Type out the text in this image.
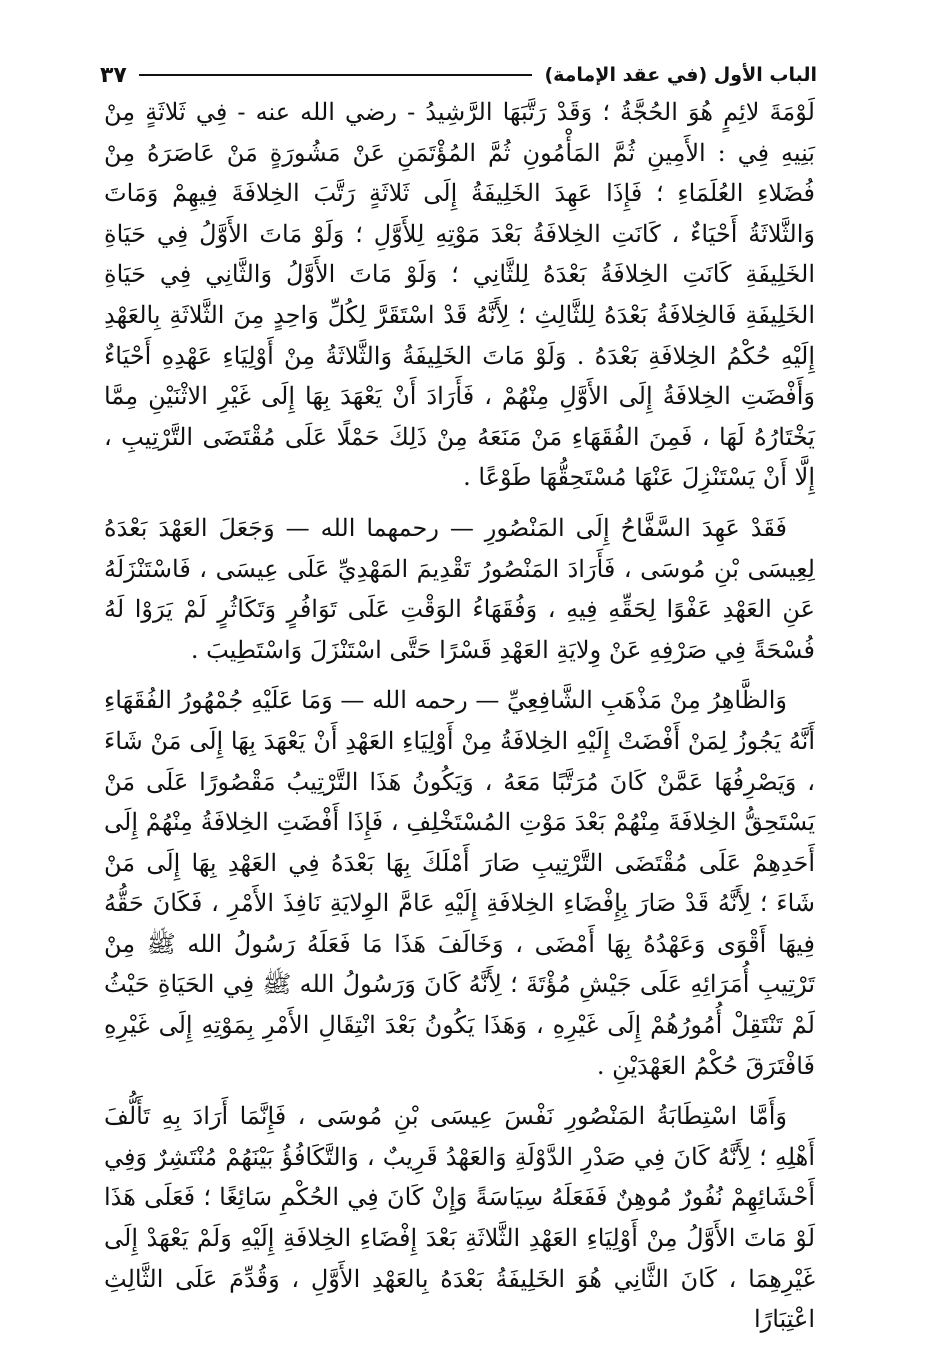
الباب الأول (في عقد الإمامة)
٣٧

لَوْمَةَ لائِمٍ هُوَ الحُجَّةُ ؛ وَقَدْ رَتَّبَهَا الرَّشِيدُ - رضي الله عنه - فِي ثَلاثَةٍ مِنْ بَنِيهِ فِي : الأَمِينِ ثُمَّ المَأْمُونِ ثُمَّ المُؤْتَمَنِ عَنْ مَشُورَةٍ مَنْ عَاصَرَهُ مِنْ فُضَلاءِ العُلَمَاءِ ؛ فَإِذَا عَهِدَ الخَلِيفَةُ إِلَى ثَلاثَةٍ رَتَّبَ الخِلافَةَ فِيهِمْ وَمَاتَ وَالثَّلاثَةُ أَحْيَاءٌ ، كَانَتِ الخِلافَةُ بَعْدَ مَوْتِهِ لِلأَوَّلِ ؛ وَلَوْ مَاتَ الأَوَّلُ فِي حَيَاةِ الخَلِيفَةِ كَانَتِ الخِلافَةُ بَعْدَهُ لِلثَّانِي ؛ وَلَوْ مَاتَ الأَوَّلُ وَالثَّانِي فِي حَيَاةِ الخَلِيفَةِ فَالخِلافَةُ بَعْدَهُ لِلثَّالِثِ ؛ لِأَنَّهُ قَدْ اسْتَقَرَّ لِكُلِّ وَاحِدٍ مِنَ الثَّلاثَةِ بِالعَهْدِ إِلَيْهِ حُكْمُ الخِلافَةِ بَعْدَهُ . وَلَوْ مَاتَ الخَلِيفَةُ وَالثَّلاثَةُ مِنْ أَوْلِيَاءِ عَهْدِهِ أَحْيَاءٌ وَأَفْضَتِ الخِلافَةُ إِلَى الأَوَّلِ مِنْهُمْ ، فَأَرَادَ أَنْ يَعْهَدَ بِهَا إِلَى غَيْرِ الاثْنَيْنِ مِمَّا يَخْتَارُهُ لَهَا ، فَمِنَ الفُقَهَاءِ مَنْ مَنَعَهُ مِنْ ذَلِكَ حَمْلًا عَلَى مُقْتَضَى التَّرْتِيبِ ، إِلَّا أَنْ يَسْتَنْزِلَ عَنْهَا مُسْتَحِقُّهَا طَوْعًا .

فَقَدْ عَهِدَ السَّفَّاحُ إِلَى المَنْصُورِ — رحمهما الله — وَجَعَلَ العَهْدَ بَعْدَهُ لِعِيسَى بْنِ مُوسَى ، فَأَرَادَ المَنْصُورُ تَقْدِيمَ المَهْدِيِّ عَلَى عِيسَى ، فَاسْتَنْزَلَهُ عَنِ العَهْدِ عَفْوًا لِحَقِّهِ فِيهِ ، وَفُقَهَاءُ الوَقْتِ عَلَى تَوَافُرٍ وَتَكَاثُرٍ لَمْ يَرَوْا لَهُ فُسْحَةً فِي صَرْفِهِ عَنْ وِلايَةِ العَهْدِ قَسْرًا حَتَّى اسْتَنْزَلَ وَاسْتَطِيبَ .

وَالظَّاهِرُ مِنْ مَذْهَبِ الشَّافِعِيِّ — رحمه الله — وَمَا عَلَيْهِ جُمْهُورُ الفُقَهَاءِ أَنَّهُ يَجُوزُ لِمَنْ أَفْضَتْ إِلَيْهِ الخِلافَةُ مِنْ أَوْلِيَاءِ العَهْدِ أَنْ يَعْهَدَ بِهَا إِلَى مَنْ شَاءَ ، وَيَصْرِفُهَا عَمَّنْ كَانَ مُرَتَّبًا مَعَهُ ، وَيَكُونُ هَذَا التَّرْتِيبُ مَقْصُورًا عَلَى مَنْ يَسْتَحِقُّ الخِلافَةَ مِنْهُمْ بَعْدَ مَوْتِ المُسْتَخْلِفِ ، فَإِذَا أَفْضَتِ الخِلافَةُ مِنْهُمْ إِلَى أَحَدِهِمْ عَلَى مُقْتَضَى التَّرْتِيبِ صَارَ أَمْلَكَ بِهَا بَعْدَهُ فِي العَهْدِ بِهَا إِلَى مَنْ شَاءَ ؛ لِأَنَّهُ قَدْ صَارَ بِإِفْضَاءِ الخِلافَةِ إِلَيْهِ عَامَّ الوِلايَةِ نَافِذَ الأَمْرِ ، فَكَانَ حَقُّهُ فِيهَا أَقْوَى وَعَهْدُهُ بِهَا أَمْضَى ، وَخَالَفَ هَذَا مَا فَعَلَهُ رَسُولُ الله ﷺ مِنْ تَرْتِيبِ أُمَرَائِهِ عَلَى جَيْشِ مُؤْتَةَ ؛ لِأَنَّهُ كَانَ وَرَسُولُ الله ﷺ فِي الحَيَاةِ حَيْثُ لَمْ تَنْتَقِلْ أُمُورُهُمْ إِلَى غَيْرِهِ ، وَهَذَا يَكُونُ بَعْدَ انْتِقَالِ الأَمْرِ بِمَوْتِهِ إِلَى غَيْرِهِ فَافْتَرَقَ حُكْمُ العَهْدَيْنِ .

وَأَمَّا اسْتِطَابَةُ المَنْصُورِ نَفْسَ عِيسَى بْنِ مُوسَى ، فَإِنَّمَا أَرَادَ بِهِ تَأَلُّفَ أَهْلِهِ ؛ لِأَنَّهُ كَانَ فِي صَدْرِ الدَّوْلَةِ وَالعَهْدُ قَرِيبٌ ، وَالتَّكَافُؤُ بَيْنَهُمْ مُنْتَشِرٌ وَفِي أَحْشَائِهِمْ نُفُورٌ مُوهِنٌ فَفَعَلَهُ سِيَاسَةً وَإِنْ كَانَ فِي الحُكْمِ سَائِغًا ؛ فَعَلَى هَذَا لَوْ مَاتَ الأَوَّلُ مِنْ أَوْلِيَاءِ العَهْدِ الثَّلاثَةِ بَعْدَ إِفْضَاءِ الخِلافَةِ إِلَيْهِ وَلَمْ يَعْهَدْ إِلَى غَيْرِهِمَا ، كَانَ الثَّانِي هُوَ الخَلِيفَةُ بَعْدَهُ بِالعَهْدِ الأَوَّلِ ، وَقُدِّمَ عَلَى الثَّالِثِ اعْتِبَارًا
